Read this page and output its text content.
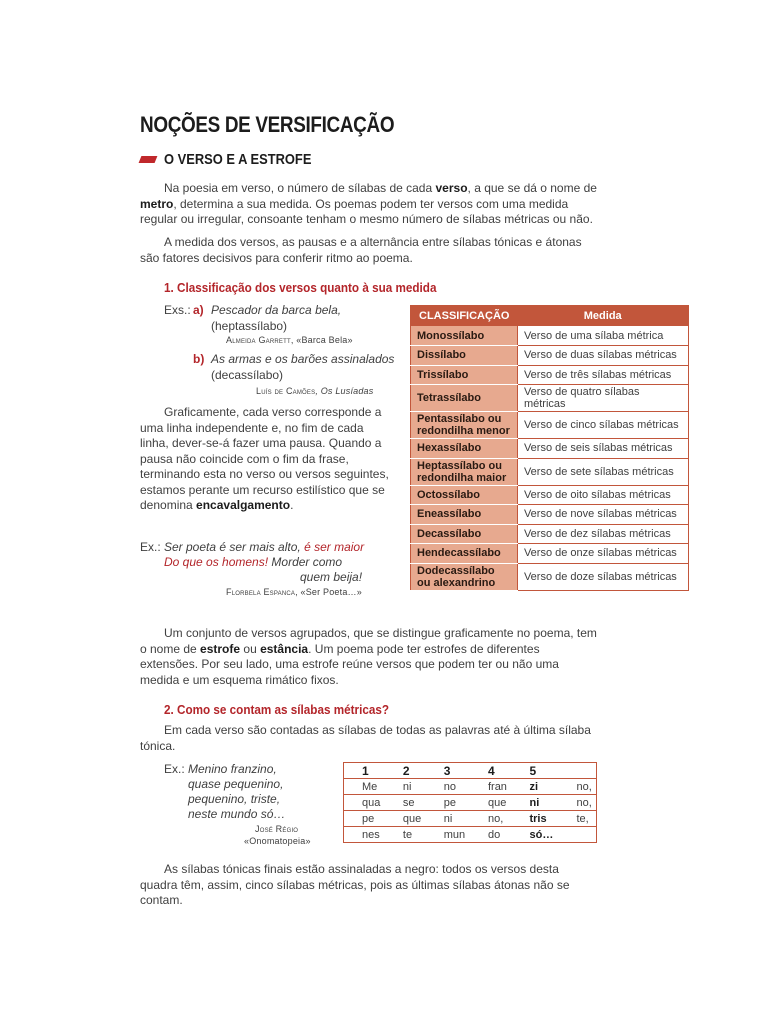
NOÇÕES DE VERSIFICAÇÃO
O VERSO E A ESTROFE
Na poesia em verso, o número de sílabas de cada verso, a que se dá o nome de metro, determina a sua medida. Os poemas podem ter versos com uma medida regular ou irregular, consoante tenham o mesmo número de sílabas métricas ou não.
A medida dos versos, as pausas e a alternância entre sílabas tónicas e átonas são fatores decisivos para conferir ritmo ao poema.
1. Classificação dos versos quanto à sua medida
Exs.: a) Pescador da barca bela,
(heptassílabo)
Almeida Garrett, «Barca Bela»
b) As armas e os barões assinalados
(decassílabo)
Luís de Camões, Os Lusíadas
Graficamente, cada verso corresponde a uma linha independente e, no fim de cada linha, dever-se-á fazer uma pausa. Quando a pausa não coincide com o fim da frase, terminando esta no verso ou versos seguintes, estamos perante um recurso estilístico que se denomina encavalgamento.
Ex.: Ser poeta é ser mais alto, é ser maior
Do que os homens! Morder como
quem beija!
Florbela Espanca, «Ser Poeta…»
CLASSIFICAÇÃO	Medida
Monossílabo	Verso de uma sílaba métrica
Dissílabo	Verso de duas sílabas métricas
Trissílabo	Verso de três sílabas métricas
Tetrassílabo	Verso de quatro sílabas métricas
Pentassílabo ou redondilha menor	Verso de cinco sílabas métricas
Hexassílabo	Verso de seis sílabas métricas
Heptassílabo ou redondilha maior	Verso de sete sílabas métricas
Octossílabo	Verso de oito sílabas métricas
Eneassílabo	Verso de nove sílabas métricas
Decassílabo	Verso de dez sílabas métricas
Hendecassílabo	Verso de onze sílabas métricas
Dodecassílabo ou alexandrino	Verso de doze sílabas métricas
Um conjunto de versos agrupados, que se distingue graficamente no poema, tem o nome de estrofe ou estância. Um poema pode ter estrofes de diferentes extensões. Por seu lado, uma estrofe reúne versos que podem ter ou não uma medida e um esquema rimático fixos.
2. Como se contam as sílabas métricas?
Em cada verso são contadas as sílabas de todas as palavras até à última sílaba tónica.
Ex.: Menino franzino,
quase pequenino,
pequenino, triste,
neste mundo só…
José Régio
«Onomatopeia»
1	2	3	4	5	
Me	ni	no	fran	zi	no,
qua	se	pe	que	ni	no,
pe	que	ni	no,	tris	te,
nes	te	mun	do	só…	
As sílabas tónicas finais estão assinaladas a negro: todos os versos desta quadra têm, assim, cinco sílabas métricas, pois as últimas sílabas átonas não se contam.
